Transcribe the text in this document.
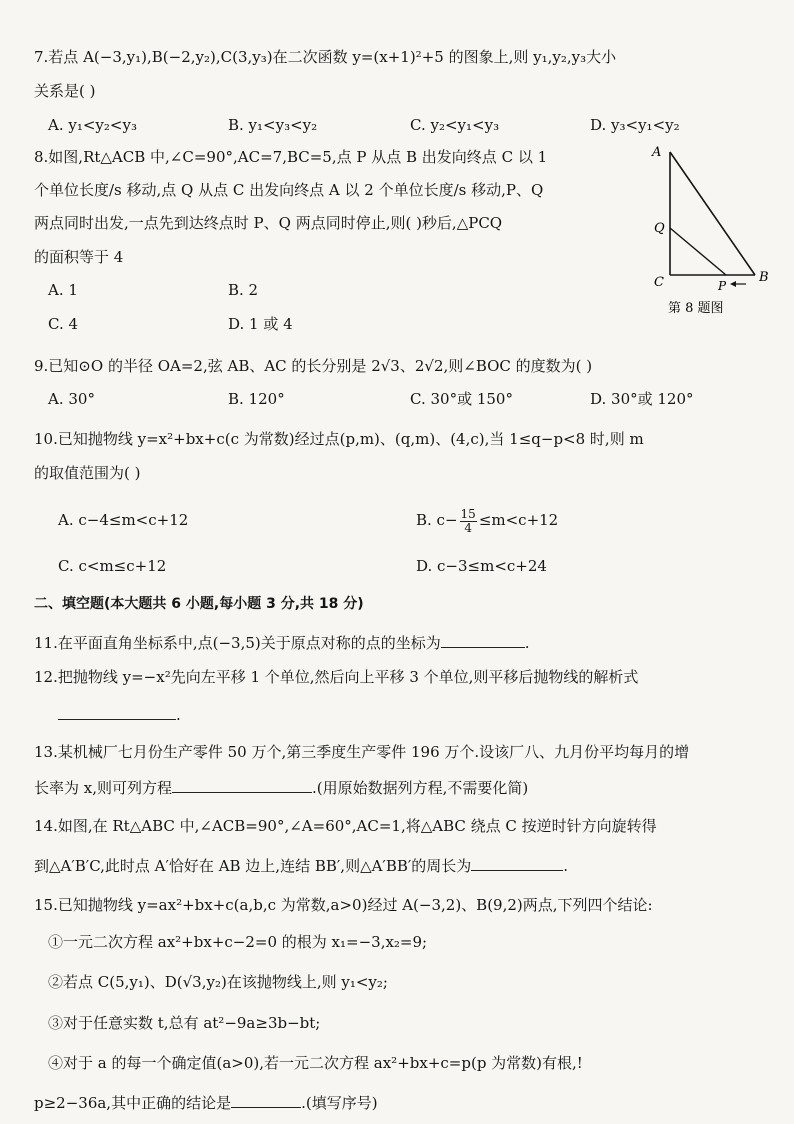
7.若点 A(−3,y₁),B(−2,y₂),C(3,y₃)在二次函数 y=(x+1)²+5 的图象上,则 y₁,y₂,y₃大小
关系是( )
A. y₁<y₂<y₃	B. y₁<y₃<y₂	C. y₂<y₁<y₃	D. y₃<y₁<y₂
8.如图,Rt△ACB 中,∠C=90°,AC=7,BC=5,点 P 从点 B 出发向终点 C 以 1
个单位长度/s 移动,点 Q 从点 C 出发向终点 A 以 2 个单位长度/s 移动,P、Q
两点同时出发,一点先到达终点时 P、Q 两点同时停止,则( )秒后,△PCQ
的面积等于 4
A. 1	B. 2
C. 4	D. 1 或 4
A
Q
C	B
P
第 8 题图
9.已知⊙O 的半径 OA=2,弦 AB、AC 的长分别是 2√3、2√2,则∠BOC 的度数为( )
A. 30°	B. 120°	C. 30°或 150°	D. 30°或 120°
10.已知抛物线 y=x²+bx+c(c 为常数)经过点(p,m)、(q,m)、(4,c),当 1≤q−p<8 时,则 m
的取值范围为( )
A. c−4≤m<c+12	B. $c- \frac{15}{4} \le m<c+12$
C. c<m≤c+12	D. c−3≤m<c+24
二、填空题(本大题共 6 小题,每小题 3 分,共 18 分)
11.在平面直角坐标系中,点(−3,5)关于原点对称的点的坐标为	.
12.把抛物线 y=−x²先向左平移 1 个单位,然后向上平移 3 个单位,则平移后抛物线的解析式
.
13.某机械厂七月份生产零件 50 万个,第三季度生产零件 196 万个.设该厂八、九月份平均每月的增
长率为 x,则可列方程	.(用原始数据列方程,不需要化简)
14.如图,在 Rt△ABC 中,∠ACB=90°,∠A=60°,AC=1,将△ABC 绕点 C 按逆时针方向旋转得
到△A′B′C,此时点 A′恰好在 AB 边上,连结 BB′,则△A′BB′的周长为	.
15.已知抛物线 y=ax²+bx+c(a,b,c 为常数,a>0)经过 A(−3,2)、B(9,2)两点,下列四个结论:
①一元二次方程 ax²+bx+c−2=0 的根为 x₁=−3,x₂=9;
②若点 C(5,y₁)、D(√3,y₂)在该抛物线上,则 y₁<y₂;
③对于任意实数 t,总有 at²−9a≥3b−bt;
④对于 a 的每一个确定值(a>0),若一元二次方程 ax²+bx+c=p(p 为常数)有根,!
p≥2−36a,其中正确的结论是	.(填写序号)
